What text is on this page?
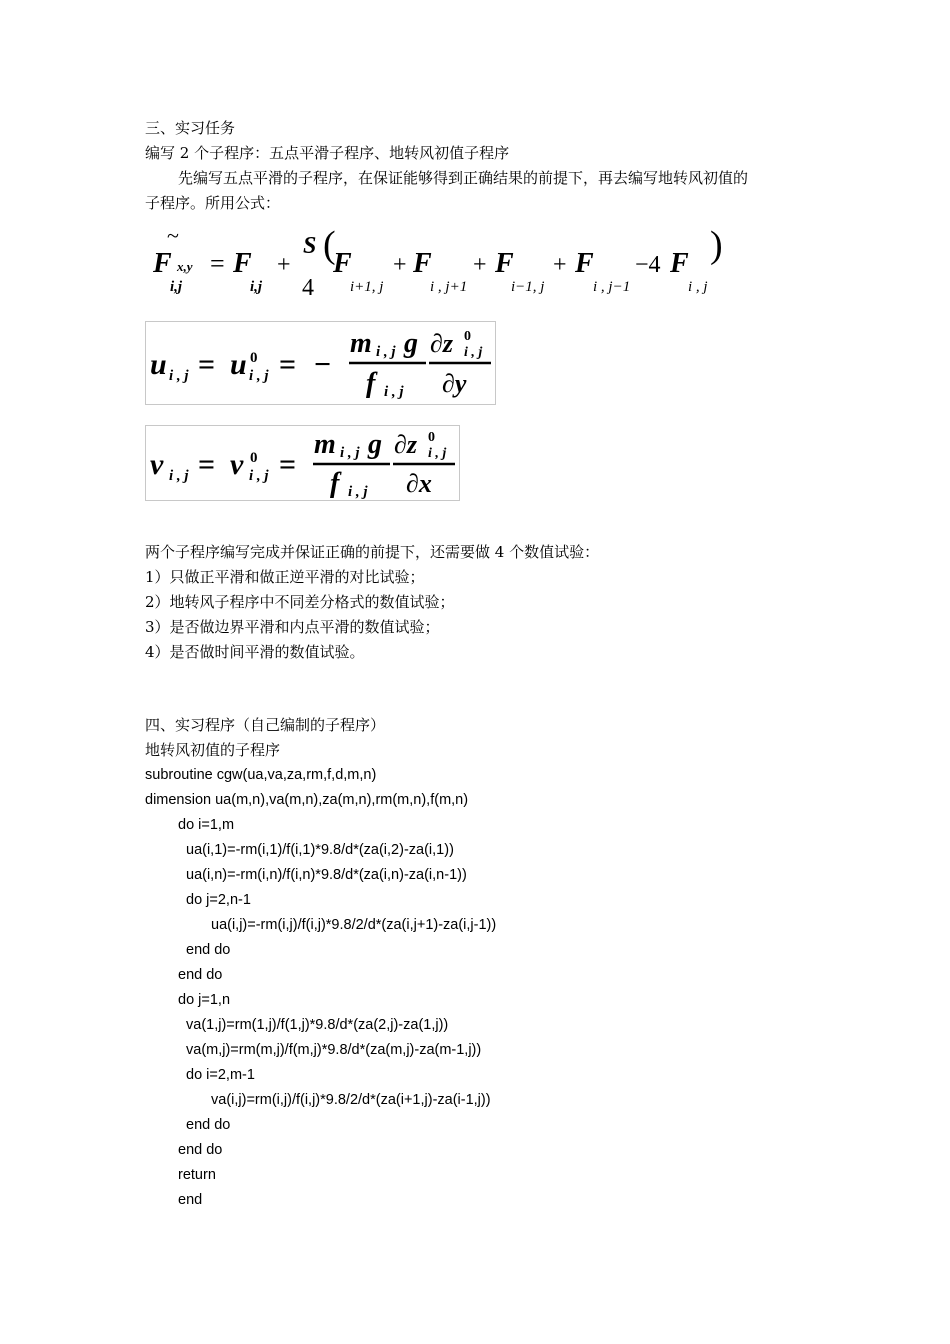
三、实习任务
编写 2 个子程序：五点平滑子程序、地转风初值子程序
先编写五点平滑的子程序，在保证能够得到正确结果的前提下，再去编写地转风初值的
子程序。所用公式：
~
F x,y
i,j
= F
i,j
+
S
4
(
F
i+1, j
+ F
i , j+1
+ F
i−1, j
+ F
i , j−1
−4 F
i , j
)
u i , j = u 0
i , j = −
m i , j g
f i , j
∂z 0
i , j
∂y
v i , j = v 0
i , j =
m i , j g
f i , j
∂z 0
i , j
∂x
两个子程序编写完成并保证正确的前提下，还需要做 4 个数值试验：
1）只做正平滑和做正逆平滑的对比试验；
2）地转风子程序中不同差分格式的数值试验；
3）是否做边界平滑和内点平滑的数值试验；
4）是否做时间平滑的数值试验。
四、实习程序（自己编制的子程序）
地转风初值的子程序
subroutine cgw(ua,va,za,rm,f,d,m,n)
dimension ua(m,n),va(m,n),za(m,n),rm(m,n),f(m,n)
do i=1,m
ua(i,1)=-rm(i,1)/f(i,1)*9.8/d*(za(i,2)-za(i,1))
ua(i,n)=-rm(i,n)/f(i,n)*9.8/d*(za(i,n)-za(i,n-1))
do j=2,n-1
ua(i,j)=-rm(i,j)/f(i,j)*9.8/2/d*(za(i,j+1)-za(i,j-1))
end do
end do
do j=1,n
va(1,j)=rm(1,j)/f(1,j)*9.8/d*(za(2,j)-za(1,j))
va(m,j)=rm(m,j)/f(m,j)*9.8/d*(za(m,j)-za(m-1,j))
do i=2,m-1
va(i,j)=rm(i,j)/f(i,j)*9.8/2/d*(za(i+1,j)-za(i-1,j))
end do
end do
return
end
